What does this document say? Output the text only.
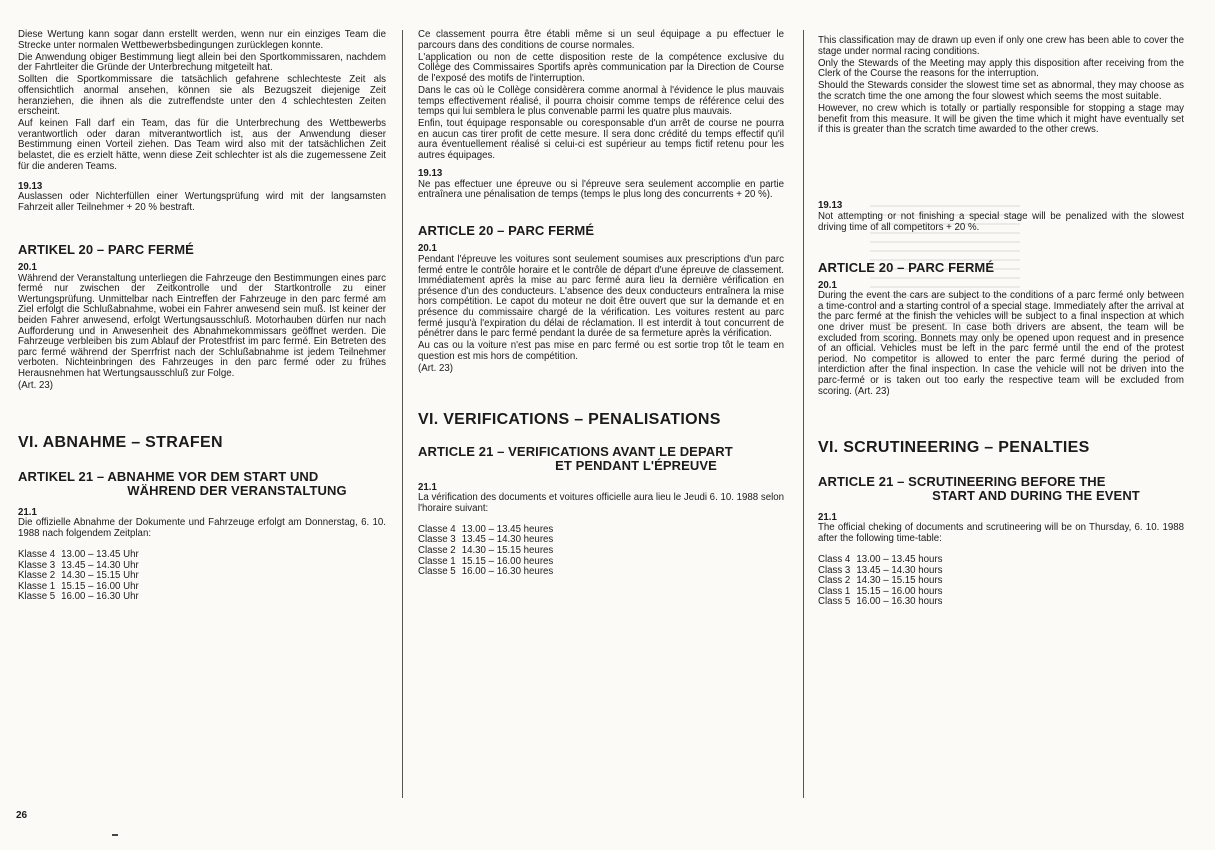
Diese Wertung kann sogar dann erstellt werden, wenn nur ein einziges Team die Strecke unter normalen Wettbewerbsbedingungen zurücklegen konnte.

Die Anwendung obiger Bestimmung liegt allein bei den Sportkommissaren, nachdem der Fahrtleiter die Gründe der Unterbrechung mitgeteilt hat.

Sollten die Sportkommissare die tatsächlich gefahrene schlechteste Zeit als offensichtlich anormal ansehen, können sie als Bezugszeit diejenige Zeit heranziehen, die ihnen als die zutreffendste unter den 4 schlechtesten Zeiten erscheint.

Auf keinen Fall darf ein Team, das für die Unterbrechung des Wettbewerbs verantwortlich oder daran mitverantwortlich ist, aus der Anwendung dieser Bestimmung einen Vorteil ziehen. Das Team wird also mit der tatsächlichen Zeit belastet, die es erzielt hätte, wenn diese Zeit schlechter ist als die zugemessene Zeit für die anderen Teams.

19.13

Auslassen oder Nichterfüllen einer Wertungsprüfung wird mit der langsamsten Fahrzeit aller Teilnehmer + 20 % bestraft.

ARTIKEL 20 – PARC FERMÉ

20.1

Während der Veranstaltung unterliegen die Fahrzeuge den Bestimmungen eines parc fermé nur zwischen der Zeitkontrolle und der Startkontrolle zu einer Wertungsprüfung. Unmittelbar nach Eintreffen der Fahrzeuge in den parc fermé am Ziel erfolgt die Schlußabnahme, wobei ein Fahrer anwesend sein muß. Ist keiner der beiden Fahrer anwesend, erfolgt Wertungsausschluß. Motorhauben dürfen nur nach Aufforderung und in Anwesenheit des Abnahmekommissars geöffnet werden. Die Fahrzeuge verbleiben bis zum Ablauf der Protestfrist im parc fermé. Ein Betreten des parc fermé während der Sperrfrist nach der Schlußabnahme ist jedem Teilnehmer verboten. Nichteinbringen des Fahrzeuges in den parc fermé oder zu frühes Herausnehmen hat Wertungsausschluß zur Folge.

(Art. 23)

VI. ABNAHME – STRAFEN

ARTIKEL 21 – ABNAHME VOR DEM START UND
WÄHREND DER VERANSTALTUNG

21.1

Die offizielle Abnahme der Dokumente und Fahrzeuge erfolgt am Donnerstag, 6. 10. 1988 nach folgendem Zeitplan:

Klasse 4	13.00 – 13.45 Uhr
Klasse 3	13.45 – 14.30 Uhr
Klasse 2	14.30 – 15.15 Uhr
Klasse 1	15.15 – 16.00 Uhr
Klasse 5	16.00 – 16.30 Uhr

Ce classement pourra être établi même si un seul équipage a pu effectuer le parcours dans des conditions de course normales.

L'application ou non de cette disposition reste de la compétence exclusive du Collège des Commissaires Sportifs après communication par la Direction de Course de l'exposé des motifs de l'interruption.

Dans le cas où le Collège considèrera comme anormal à l'évidence le plus mauvais temps effectivement réalisé, il pourra choisir comme temps de référence celui des temps qui lui semblera le plus convenable parmi les quatre plus mauvais.

Enfin, tout équipage responsable ou coresponsable d'un arrêt de course ne pourra en aucun cas tirer profit de cette mesure. Il sera donc crédité du temps effectif qu'il aura éventuellement réalisé si celui-ci est supérieur au temps fictif retenu pour les autres équipages.

19.13

Ne pas effectuer une épreuve ou si l'épreuve sera seulement accomplie en partie entraînera une pénalisation de temps (temps le plus long des concurrents + 20 %).

ARTICLE 20 – PARC FERMÉ

20.1

Pendant l'épreuve les voitures sont seulement soumises aux prescriptions d'un parc fermé entre le contrôle horaire et le contrôle de départ d'une épreuve de classement. Immédiatement après la mise au parc fermé aura lieu la dernière vérification en présence d'un des conducteurs. L'absence des deux conducteurs entraînera la mise hors compétition. Le capot du moteur ne doit être ouvert que sur la demande et en présence du commissaire chargé de la vérification. Les voitures restent au parc fermé jusqu'à l'expiration du délai de réclamation. Il est interdit à tout concurrent de pénétrer dans le parc fermé pendant la durée de sa fermeture après la vérification.

Au cas ou la voiture n'est pas mise en parc fermé ou est sortie trop tôt le team en question est mis hors de compétition.

(Art. 23)

VI. VERIFICATIONS – PENALISATIONS

ARTICLE 21 – VERIFICATIONS AVANT LE DEPART
ET PENDANT L'ÉPREUVE

21.1

La vérification des documents et voitures officielle aura lieu le Jeudi 6. 10. 1988 selon l'horaire suivant:

Classe 4	13.00 – 13.45 heures
Classe 3	13.45 – 14.30 heures
Classe 2	14.30 – 15.15 heures
Classe 1	15.15 – 16.00 heures
Classe 5	16.00 – 16.30 heures

This classification may de drawn up even if only one crew has been able to cover the stage under normal racing conditions.

Only the Stewards of the Meeting may apply this disposition after receiving from the Clerk of the Course the reasons for the interruption.

Should the Stewards consider the slowest time set as abnormal, they may choose as the scratch time the one among the four slowest which seems the most suitable.

However, no crew which is totally or partially responsible for stopping a stage may benefit from this measure. It will be given the time which it might have eventually set if this is greater than the scratch time awarded to the other crews.

19.13

Not attempting or not finishing a special stage will be penalized with the slowest driving time of all competitors + 20 %.

ARTICLE 20 – PARC FERMÉ

20.1

During the event the cars are subject to the conditions of a parc fermé only between a time-control and a starting control of a special stage. Immediately after the arrival at the parc fermé at the finish the vehicles will be subject to a final inspection at which one driver must be present. In case both drivers are absent, the team will be excluded from scoring. Bonnets may only be opened upon request and in presence of an official. Vehicles must be left in the parc fermé until the end of the protest period. No competitor is allowed to enter the parc fermé during the period of interdiction after the final inspection. In case the vehicle will not be driven into the parc-fermé or is taken out too early the respective team will be excluded from scoring. (Art. 23)

VI. SCRUTINEERING – PENALTIES

ARTICLE 21 – SCRUTINEERING BEFORE THE
START AND DURING THE EVENT

21.1

The official cheking of documents and scrutineering will be on Thursday, 6. 10. 1988 after the following time-table:

Class 4	13.00 – 13.45 hours
Class 3	13.45 – 14.30 hours
Class 2	14.30 – 15.15 hours
Class 1	15.15 – 16.00 hours
Class 5	16.00 – 16.30 hours
26
